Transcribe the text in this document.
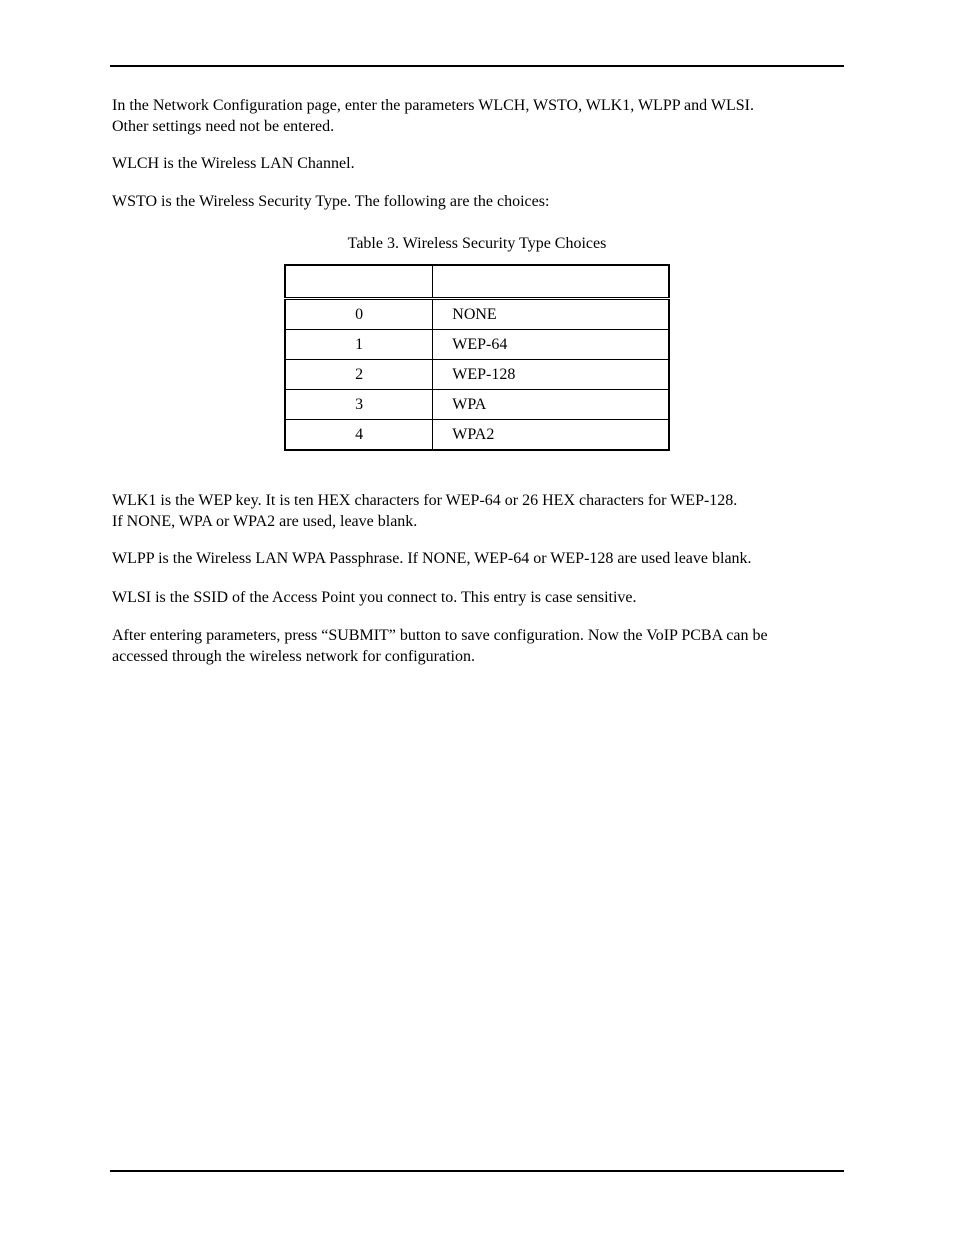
In the Network Configuration page, enter the parameters WLCH, WSTO, WLK1, WLPP and WLSI.
Other settings need not be entered.

WLCH is the Wireless LAN Channel.

WSTO is the Wireless Security Type. The following are the choices:

Table 3. Wireless Security Type Choices

0	NONE
1	WEP-64
2	WEP-128
3	WPA
4	WPA2

WLK1 is the WEP key. It is ten HEX characters for WEP-64 or 26 HEX characters for WEP-128.
If NONE, WPA or WPA2 are used, leave blank.

WLPP is the Wireless LAN WPA Passphrase. If NONE, WEP-64 or WEP-128 are used leave blank.

WLSI is the SSID of the Access Point you connect to. This entry is case sensitive.

After entering parameters, press “SUBMIT” button to save configuration. Now the VoIP PCBA can be
accessed through the wireless network for configuration.
